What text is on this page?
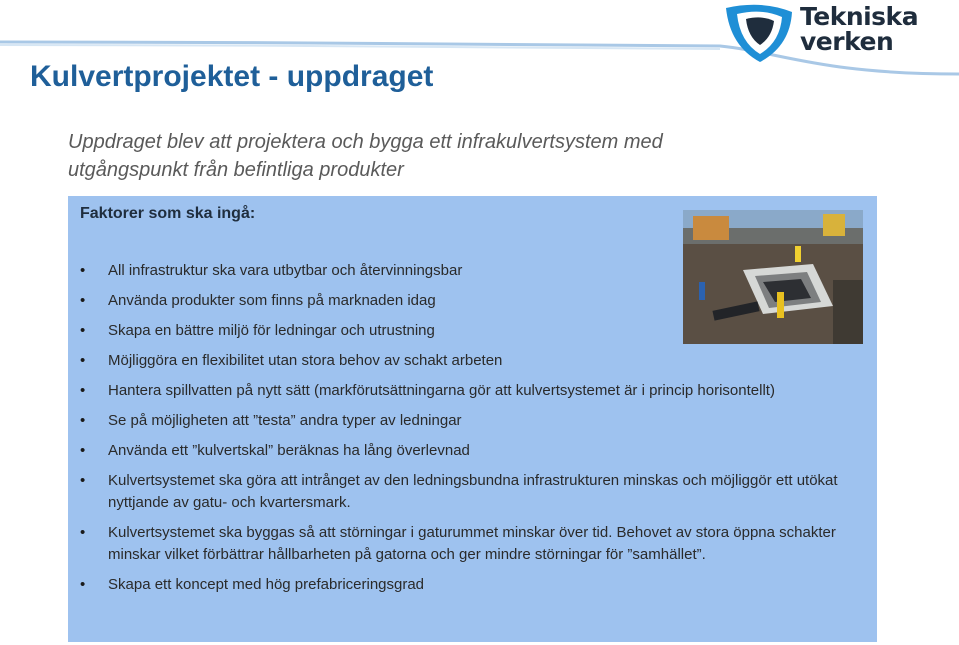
Tekniska
verken
Kulvertprojektet - uppdraget
Uppdraget blev att projektera och bygga ett infrakulvertsystem med utgångspunkt från befintliga produkter
Faktorer som ska ingå:
• All infrastruktur ska vara utbytbar och återvinningsbar
• Använda produkter som finns på marknaden idag
• Skapa en bättre miljö för ledningar och utrustning
• Möjliggöra en flexibilitet utan stora behov av schakt arbeten
• Hantera spillvatten på nytt sätt (markförutsättningarna gör att kulvertsystemet är i princip horisontellt)
• Se på möjligheten att ”testa” andra typer av ledningar
• Använda ett ”kulvertskal” beräknas ha lång överlevnad
• Kulvertsystemet ska göra att intrånget av den ledningsbundna infrastrukturen minskas och möjliggör ett utökat nyttjande av gatu- och kvartersmark.
• Kulvertsystemet ska byggas så att störningar i gaturummet minskar över tid. Behovet av stora öppna schakter minskar vilket förbättrar hållbarheten på gatorna och ger mindre störningar för ”samhället”.
• Skapa ett koncept med hög prefabriceringsgrad
